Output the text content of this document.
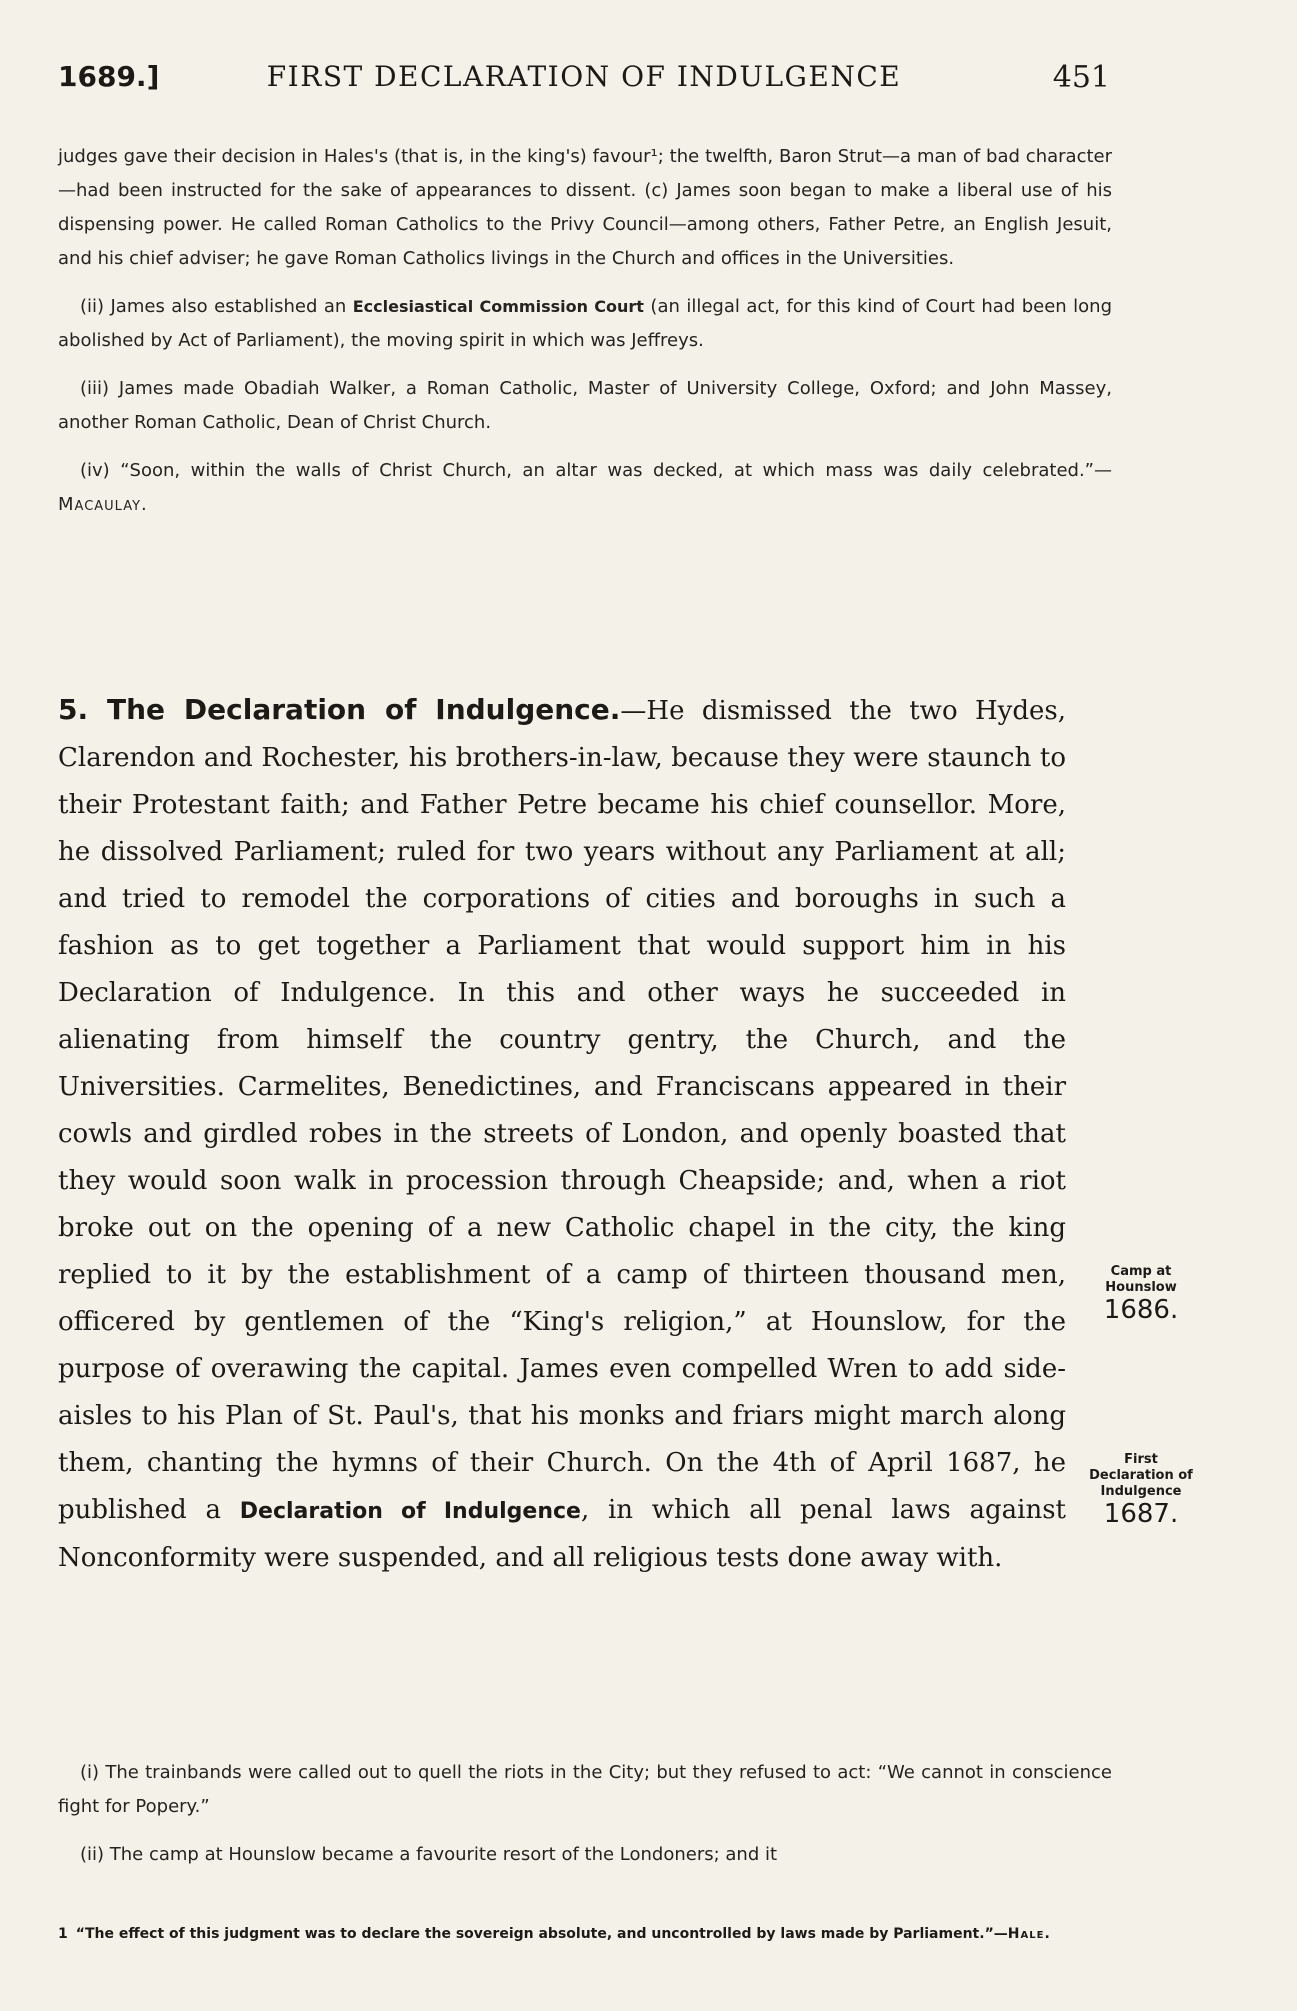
1689.]	FIRST DECLARATION OF INDULGENCE	451

judges gave their decision in Hales's (that is, in the king's) favour¹; the twelfth, Baron Strut—a man of bad character—had been instructed for the sake of appearances to dissent. (c) James soon began to make a liberal use of his dispensing power. He called Roman Catholics to the Privy Council—among others, Father Petre, an English Jesuit, and his chief adviser; he gave Roman Catholics livings in the Church and offices in the Universities.

(ii) James also established an Ecclesiastical Commission Court (an illegal act, for this kind of Court had been long abolished by Act of Parliament), the moving spirit in which was Jeffreys.

(iii) James made Obadiah Walker, a Roman Catholic, Master of University College, Oxford; and John Massey, another Roman Catholic, Dean of Christ Church.

(iv) “Soon, within the walls of Christ Church, an altar was decked, at which mass was daily celebrated.”—Macaulay.

5. The Declaration of Indulgence.—He dismissed the two Hydes, Clarendon and Rochester, his brothers-in-law, because they were staunch to their Protestant faith; and Father Petre became his chief counsellor. More, he dissolved Parliament; ruled for two years without any Parliament at all; and tried to remodel the corporations of cities and boroughs in such a fashion as to get together a Parliament that would support him in his Declaration of Indulgence. In this and other ways he succeeded in alienating from himself the country gentry, the Church, and the Universities. Carmelites, Benedictines, and Franciscans appeared in their cowls and girdled robes in the streets of London, and openly boasted that they would soon walk in procession through Cheapside; and, when a riot broke out on the opening of a new Catholic chapel in the city, the king replied to it by the establishment of a camp of thirteen thousand men, officered by gentlemen of the “King's religion,” at Hounslow, for the purpose of overawing the capital. James even compelled Wren to add side-aisles to his Plan of St. Paul's, that his monks and friars might march along them, chanting the hymns of their Church. On the 4th of April 1687, he published a Declaration of Indulgence, in which all penal laws against Nonconformity were suspended, and all religious tests done away with.

Camp at Hounslow
1686.
First Declaration of Indulgence
1687.

(i) The trainbands were called out to quell the riots in the City; but they refused to act: “We cannot in conscience fight for Popery.”

(ii) The camp at Hounslow became a favourite resort of the Londoners; and it

1 “The effect of this judgment was to declare the sovereign absolute, and uncontrolled by laws made by Parliament.”—Hale.
